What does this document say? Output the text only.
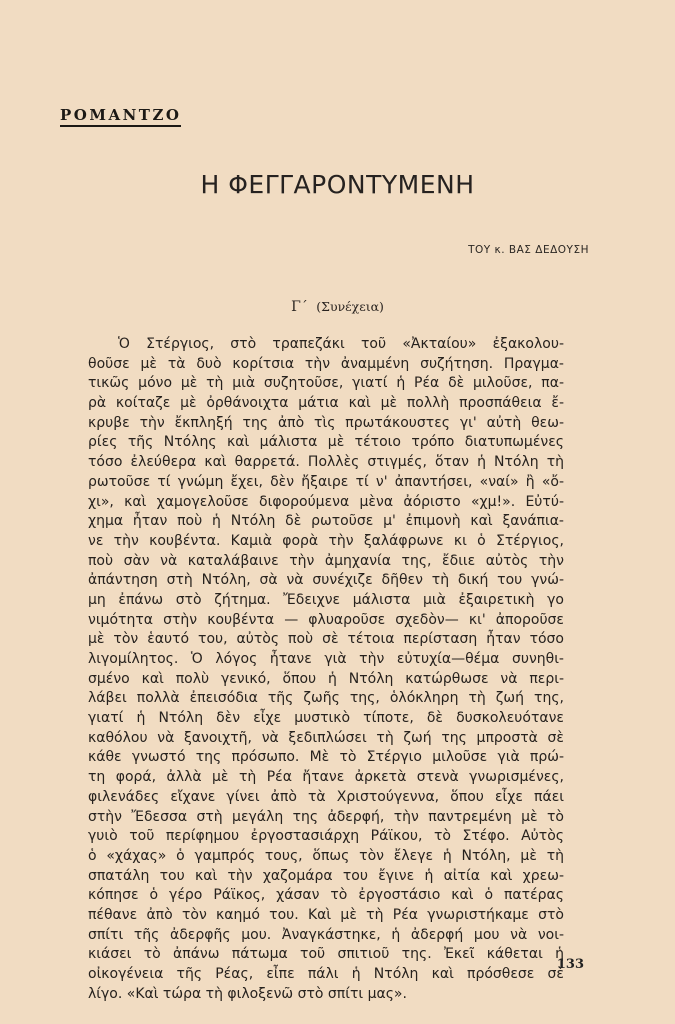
ΡΟΜΑΝΤΖΟ
Η ΦΕΓΓΑΡΟΝΤΥΜΕΝΗ
ΤΟΥ κ. ΒΑΣ ΔΕΔΟΥΣΗ
Γ΄ (Συνέχεια)
Ὁ Στέργιος, στὸ τραπεζάκι τοῦ «Ἀκταίου» ἐξακολου-
θοῦσε μὲ τὰ δυὸ κορίτσια τὴν ἀναμμένη συζήτηση. Πραγμα-
τικῶς μόνο μὲ τὴ μιὰ συζητοῦσε, γιατί ἡ Ρέα δὲ μιλοῦσε, πα-
ρὰ κοίταζε μὲ ὀρθάνοιχτα μάτια καὶ μὲ πολλὴ προσπάθεια ἔ-
κρυβε τὴν ἔκπληξή της ἀπὸ τὶς πρωτάκουστες γι' αὐτὴ θεω-
ρίες τῆς Ντόλης καὶ μάλιστα μὲ τέτοιο τρόπο διατυπωμένες
τόσο ἐλεύθερα καὶ θαρρετά. Πολλὲς στιγμές, ὅταν ἡ Ντόλη τὴ
ρωτοῦσε τί γνώμη ἔχει, δὲν ἤξαιρε τί ν' ἀπαντήσει, «ναί» ἢ «ὄ-
χι», καὶ χαμογελοῦσε διφορούμενα μὲνα ἀόριστο «χμ!». Εὐτύ-
χημα ἦταν ποὺ ἡ Ντόλη δὲ ρωτοῦσε μ' ἐπιμονὴ καὶ ξανάπια-
νε τὴν κουβέντα. Καμιὰ φορὰ τὴν ξαλάφρωνε κι ὁ Στέργιος,
ποὺ σὰν νὰ καταλάβαινε τὴν ἀμηχανία της, ἔδιιε αὐτὸς τὴν
ἀπάντηση στὴ Ντόλη, σὰ νὰ συνέχιζε δῆθεν τὴ δική του γνώ-
μη ἐπάνω στὸ ζήτημα. Ἔδειχνε μάλιστα μιὰ ἐξαιρετικὴ γο
νιμότητα στὴν κουβέντα — φλυαροῦσε σχεδὸν— κι' ἀποροῦσε
μὲ τὸν ἑαυτό του, αὐτὸς ποὺ σὲ τέτοια περίσταση ἦταν τόσο
λιγομίλητος. Ὁ λόγος ἦτανε γιὰ τὴν εὐτυχία—θέμα συνηθι-
σμένο καὶ πολὺ γενικό, ὅπου ἡ Ντόλη κατώρθωσε νὰ περι-
λάβει πολλὰ ἐπεισόδια τῆς ζωῆς της, ὁλόκληρη τὴ ζωή της,
γιατί ἡ Ντόλη δὲν εἶχε μυστικὸ τίποτε, δὲ δυσκολευότανε
καθόλου νὰ ξανοιχτῆ, νὰ ξεδιπλώσει τὴ ζωή της μπροστὰ σὲ
κάθε γνωστό της πρόσωπο. Μὲ τὸ Στέργιο μιλοῦσε γιὰ πρώ-
τη φορά, ἀλλὰ μὲ τὴ Ρέα ἤτανε ἀρκετὰ στενὰ γνωρισμένες,
φιλενάδες εἴχανε γίνει ἀπὸ τὰ Χριστούγεννα, ὅπου εἶχε πάει
στὴν Ἔδεσσα στὴ μεγάλη της ἀδερφή, τὴν παντρεμένη μὲ τὸ
γυιὸ τοῦ περίφημου ἐργοστασιάρχη Ράϊκου, τὸ Στέφο. Αὐτὸς
ὁ «χάχας» ὁ γαμπρός τους, ὅπως τὸν ἔλεγε ἡ Ντόλη, μὲ τὴ
σπατάλη του καὶ τὴν χαζομάρα του ἔγινε ἡ αἰτία καὶ χρεω-
κόπησε ὁ γέρο Ράϊκος, χάσαν τὸ ἐργοστάσιο καὶ ὁ πατέρας
πέθανε ἀπὸ τὸν καημό του. Καὶ μὲ τὴ Ρέα γνωριστήκαμε στὸ
σπίτι τῆς ἀδερφῆς μου. Ἀναγκάστηκε, ἡ ἀδερφή μου νὰ νοι-
κιάσει τὸ ἀπάνω πάτωμα τοῦ σπιτιοῦ της. Ἐκεῖ κάθεται ἡ
οἰκογένεια τῆς Ρέας, εἶπε πάλι ἡ Ντόλη καὶ πρόσθεσε σὲ
λίγο. «Καὶ τώρα τὴ φιλοξενῶ στὸ σπίτι μας».
133
